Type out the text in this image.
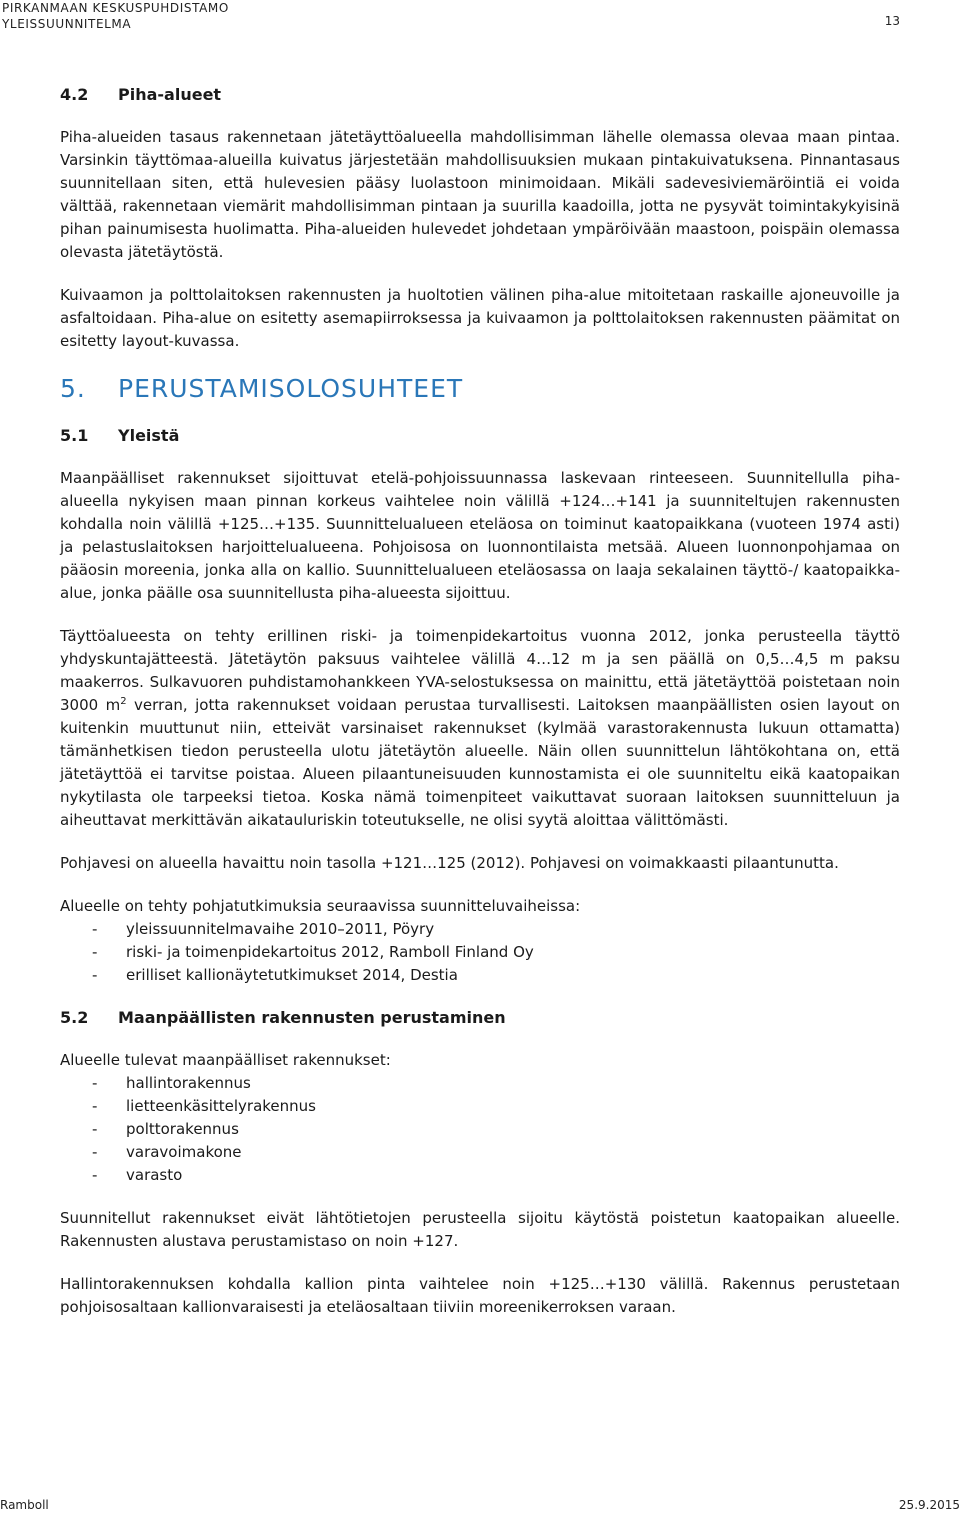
PIRKANMAAN KESKUSPUHDISTAMO
YLEISSUUNNITELMA	13
4.2 Piha-alueet

Piha-alueiden tasaus rakennetaan jätetäyttöalueella mahdollisimman lähelle olemassa olevaa maan pintaa. Varsinkin täyttömaa-alueilla kuivatus järjestetään mahdollisuuksien mukaan pintakuivatuksena. Pinnantasaus suunnitellaan siten, että hulevesien pääsy luolastoon minimoidaan. Mikäli sadevesiviemäröintiä ei voida välttää, rakennetaan viemärit mahdollisimman pintaan ja suurilla kaadoilla, jotta ne pysyvät toimintakykyisinä pihan painumisesta huolimatta. Piha-alueiden hulevedet johdetaan ympäröivään maastoon, poispäin olemassa olevasta jätetäytöstä.

Kuivaamon ja polttolaitoksen rakennusten ja huoltotien välinen piha-alue mitoitetaan raskaille ajoneuvoille ja asfaltoidaan. Piha-alue on esitetty asemapiirroksessa ja kuivaamon ja polttolaitoksen rakennusten päämitat on esitetty layout-kuvassa.

5. PERUSTAMISOLOSUHTEET
5.1 Yleistä

Maanpäälliset rakennukset sijoittuvat etelä-pohjoissuunnassa laskevaan rinteeseen. Suunnitellulla piha-alueella nykyisen maan pinnan korkeus vaihtelee noin välillä +124…+141 ja suunniteltujen rakennusten kohdalla noin välillä +125…+135. Suunnittelualueen eteläosa on toiminut kaatopaikkana (vuoteen 1974 asti) ja pelastuslaitoksen harjoittelualueena. Pohjoisosa on luonnontilaista metsää. Alueen luonnonpohjamaa on pääosin moreenia, jonka alla on kallio. Suunnittelualueen eteläosassa on laaja sekalainen täyttö-/ kaatopaikka-alue, jonka päälle osa suunnitellusta piha-alueesta sijoittuu.

Täyttöalueesta on tehty erillinen riski- ja toimenpidekartoitus vuonna 2012, jonka perusteella täyttö yhdyskuntajätteestä. Jätetäytön paksuus vaihtelee välillä 4…12 m ja sen päällä on 0,5…4,5 m paksu maakerros. Sulkavuoren puhdistamohankkeen YVA-selostuksessa on mainittu, että jätetäyttöä poistetaan noin 3000 $m^2$ verran, jotta rakennukset voidaan perustaa turvallisesti. Laitoksen maanpäällisten osien layout on kuitenkin muuttunut niin, etteivät varsinaiset rakennukset (kylmää varastorakennusta lukuun ottamatta) tämänhetkisen tiedon perusteella ulotu jätetäytön alueelle. Näin ollen suunnittelun lähtökohtana on, että jätetäyttöä ei tarvitse poistaa. Alueen pilaantuneisuuden kunnostamista ei ole suunniteltu eikä kaatopaikan nykytilasta ole tarpeeksi tietoa. Koska nämä toimenpiteet vaikuttavat suoraan laitoksen suunnitteluun ja aiheuttavat merkittävän aikatauluriskin toteutukselle, ne olisi syytä aloittaa välittömästi.

Pohjavesi on alueella havaittu noin tasolla +121…125 (2012). Pohjavesi on voimakkaasti pilaantunutta.

Alueelle on tehty pohjatutkimuksia seuraavissa suunnitteluvaiheissa:

- yleissuunnitelmavaihe 2010–2011, Pöyry
- riski- ja toimenpidekartoitus 2012, Ramboll Finland Oy
- erilliset kallionäytetutkimukset 2014, Destia
5.2 Maanpäällisten rakennusten perustaminen

Alueelle tulevat maanpäälliset rakennukset:

- hallintorakennus
- lietteenkäsittelyrakennus
- polttorakennus
- varavoimakone
- varasto

Suunnitellut rakennukset eivät lähtötietojen perusteella sijoitu käytöstä poistetun kaatopaikan alueelle. Rakennusten alustava perustamistaso on noin +127.

Hallintorakennuksen kohdalla kallion pinta vaihtelee noin +125…+130 välillä. Rakennus perustetaan pohjoisosaltaan kallionvaraisesti ja eteläosaltaan tiiviin moreenikerroksen varaan.

Ramboll	25.9.2015
